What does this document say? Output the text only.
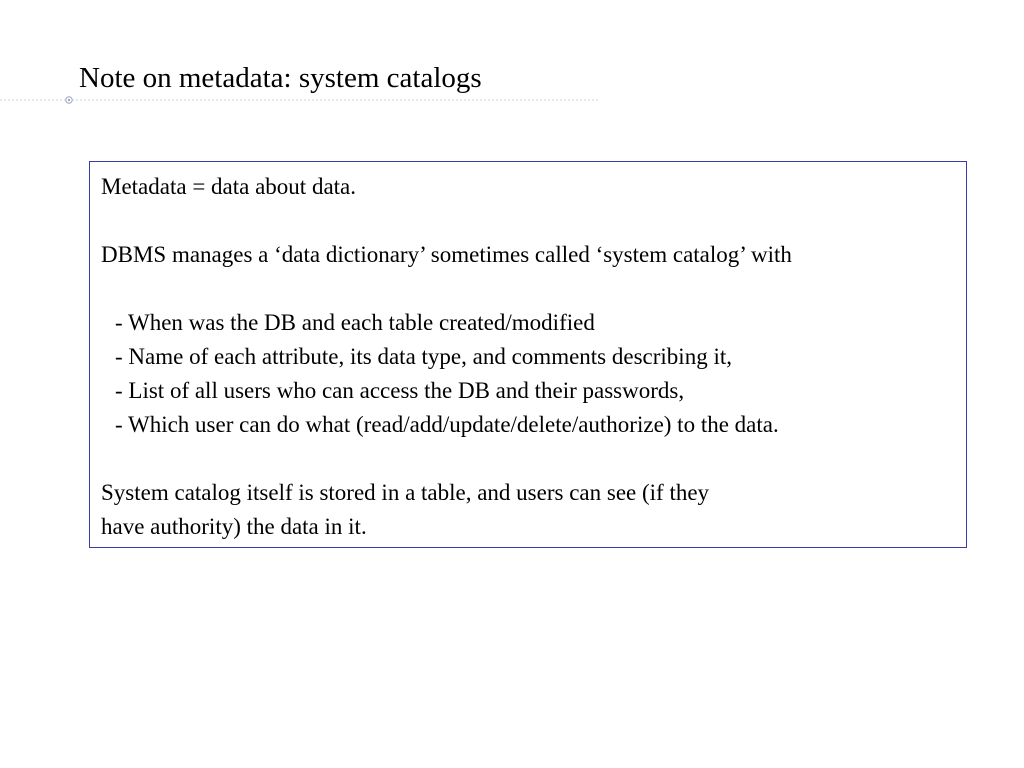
Note on metadata: system catalogs
Metadata = data about data.
DBMS manages a ‘data dictionary’ sometimes called ‘system catalog’ with
- When was the DB and each table created/modified
- Name of each attribute, its data type, and comments describing it,
- List of all users who can access the DB and their passwords,
- Which user can do what (read/add/update/delete/authorize) to the data.
System catalog itself is stored in a table, and users can see (if they
have authority) the data in it.
